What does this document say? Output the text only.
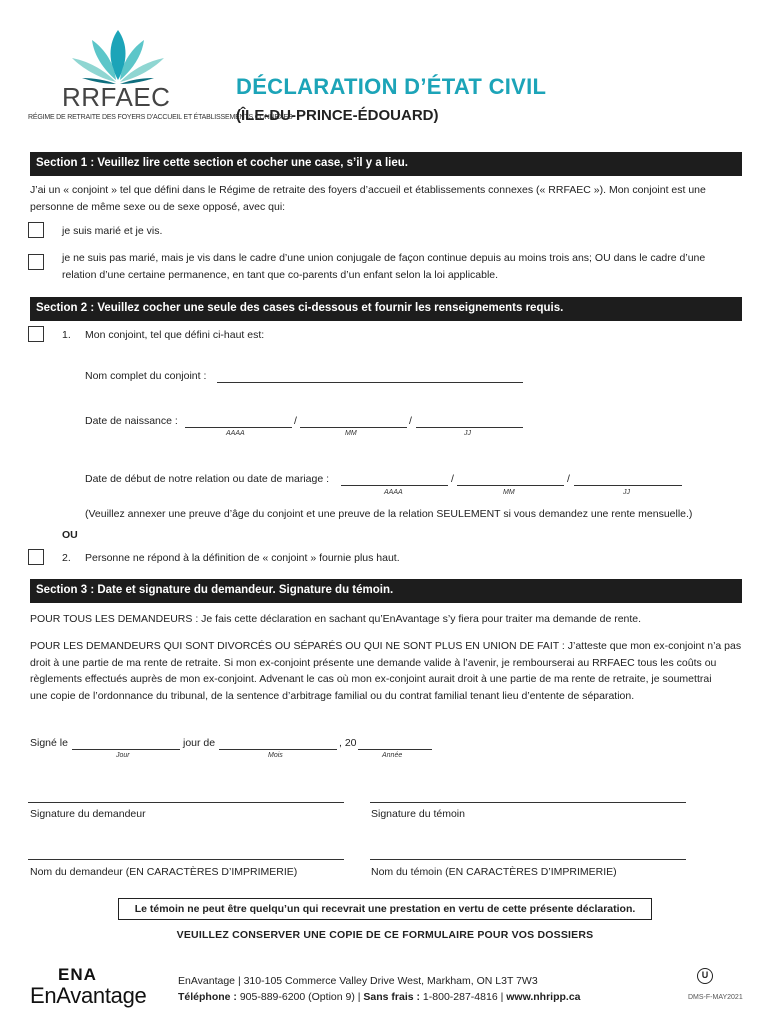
RRFAEC
RÉGIME DE RETRAITE DES FOYERS D’ACCUEIL ET ÉTABLISSEMENTS CONNEXES
DÉCLARATION D’ÉTAT CIVIL
(ÎLE-DU-PRINCE-ÉDOUARD)
Section 1 : Veuillez lire cette section et cocher une case, s’il y a lieu.
J’ai un « conjoint » tel que défini dans le Régime de retraite des foyers d’accueil et établissements connexes (« RRFAEC »). Mon conjoint est une
personne de même sexe ou de sexe opposé, avec qui:
je suis marié et je vis.
je ne suis pas marié, mais je vis dans le cadre d’une union conjugale de façon continue depuis au moins trois ans; OU dans le cadre d’une
relation d’une certaine permanence, en tant que co-parents d’un enfant selon la loi applicable.
Section 2 : Veuillez cocher une seule des cases ci-dessous et fournir les renseignements requis.
1. Mon conjoint, tel que défini ci-haut est:
Nom complet du conjoint :
Date de naissance :	/	/
AAAA	MM	JJ
Date de début de notre relation ou date de mariage :	/	/
AAAA	MM	JJ
(Veuillez annexer une preuve d’âge du conjoint et une preuve de la relation SEULEMENT si vous demandez une rente mensuelle.)
OU
2. Personne ne répond à la définition de « conjoint » fournie plus haut.
Section 3 : Date et signature du demandeur. Signature du témoin.
POUR TOUS LES DEMANDEURS : Je fais cette déclaration en sachant qu’EnAvantage s’y fiera pour traiter ma demande de rente.
POUR LES DEMANDEURS QUI SONT DIVORCÉS OU SÉPARÉS OU QUI NE SONT PLUS EN UNION DE FAIT : J’atteste que mon ex-conjoint n’a pas
droit à une partie de ma rente de retraite. Si mon ex-conjoint présente une demande valide à l’avenir, je rembourserai au RRFAEC tous les coûts ou
règlements effectués auprès de mon ex-conjoint. Advenant le cas où mon ex-conjoint aurait droit à une partie de ma rente de retraite, je soumettrai
une copie de l’ordonnance du tribunal, de la sentence d’arbitrage familial ou du contrat familial tenant lieu d’entente de séparation.
Signé le	jour de	, 20
Jour	Mois	Année
Signature du demandeur	Signature du témoin
Nom du demandeur (EN CARACTÈRES D’IMPRIMERIE)	Nom du témoin (EN CARACTÈRES D’IMPRIMERIE)
Le témoin ne peut être quelqu’un qui recevrait une prestation en vertu de cette présente déclaration.
VEUILLEZ CONSERVER UNE COPIE DE CE FORMULAIRE POUR VOS DOSSIERS
ENA
EnAvantage
EnAvantage | 310-105 Commerce Valley Drive West, Markham, ON L3T 7W3
Téléphone : 905-889-6200 (Option 9) | Sans frais : 1-800-287-4816 | www.nhripp.ca
U
DMS-F-MAY2021
